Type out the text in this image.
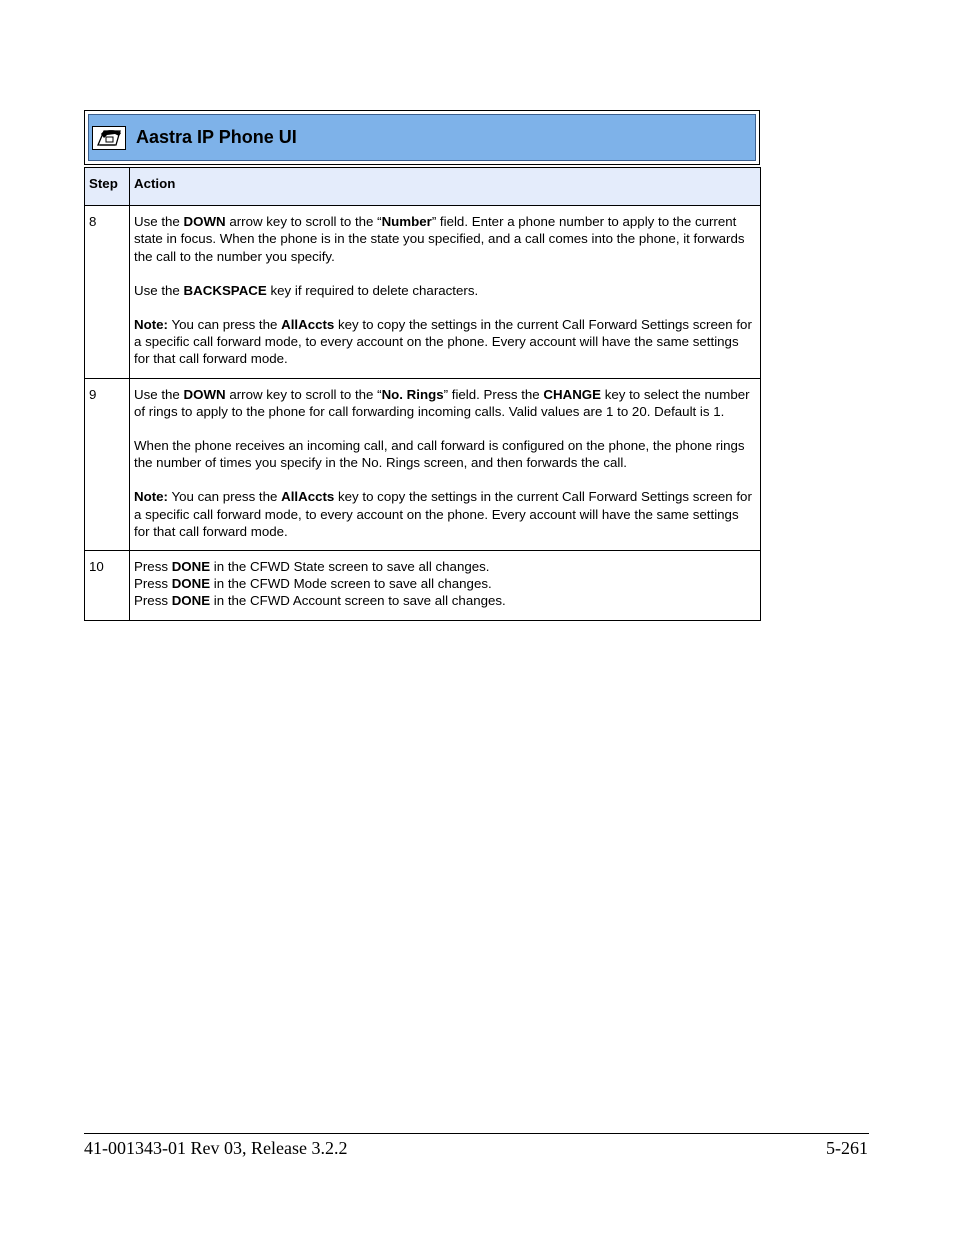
Aastra IP Phone UI
Step	Action
8	Use the DOWN arrow key to scroll to the “Number” field. Enter a phone number to apply to the current state in focus. When the phone is in the state you specified, and a call comes into the phone, it forwards the call to the number you specify.
Use the BACKSPACE key if required to delete characters.
Note: You can press the AllAccts key to copy the settings in the current Call Forward Settings screen for a specific call forward mode, to every account on the phone. Every account will have the same settings for that call forward mode.

9	Use the DOWN arrow key to scroll to the “No. Rings” field. Press the CHANGE key to select the number of rings to apply to the phone for call forwarding incoming calls. Valid values are 1 to 20. Default is 1.
When the phone receives an incoming call, and call forward is configured on the phone, the phone rings the number of times you specify in the No. Rings screen, and then forwards the call.
Note: You can press the AllAccts key to copy the settings in the current Call Forward Settings screen for a specific call forward mode, to every account on the phone. Every account will have the same settings for that call forward mode.

10	Press DONE in the CFWD State screen to save all changes.
Press DONE in the CFWD Mode screen to save all changes.
Press DONE in the CFWD Account screen to save all changes.
41-001343-01 Rev 03, Release 3.2.2	5-261
